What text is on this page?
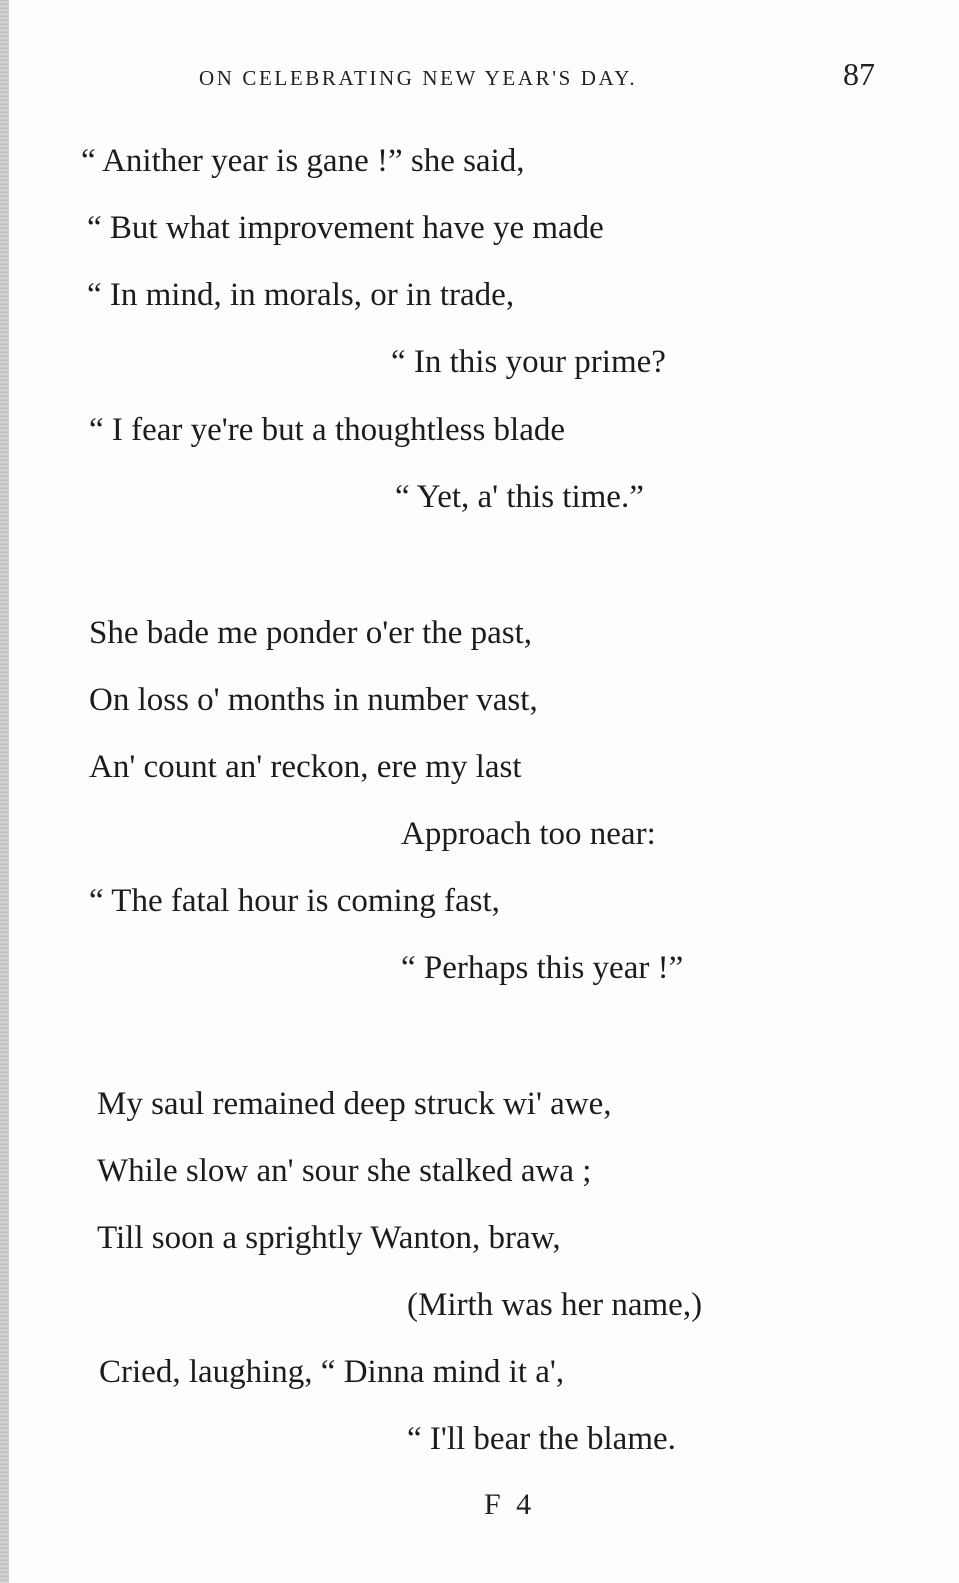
ON CELEBRATING NEW YEAR'S DAY.	87
“ Anither year is gane !” she said,
“ But what improvement have ye made
“ In mind, in morals, or in trade,
“ In this your prime?
“ I fear ye're but a thoughtless blade
“ Yet, a' this time.”
She bade me ponder o'er the past,
On loss o' months in number vast,
An' count an' reckon, ere my last
Approach too near:
“ The fatal hour is coming fast,
“ Perhaps this year !”
My saul remained deep struck wi' awe,
While slow an' sour she stalked awa ;
Till soon a sprightly Wanton, braw,
(Mirth was her name,)
Cried, laughing, “ Dinna mind it a',
“ I'll bear the blame.
F 4
